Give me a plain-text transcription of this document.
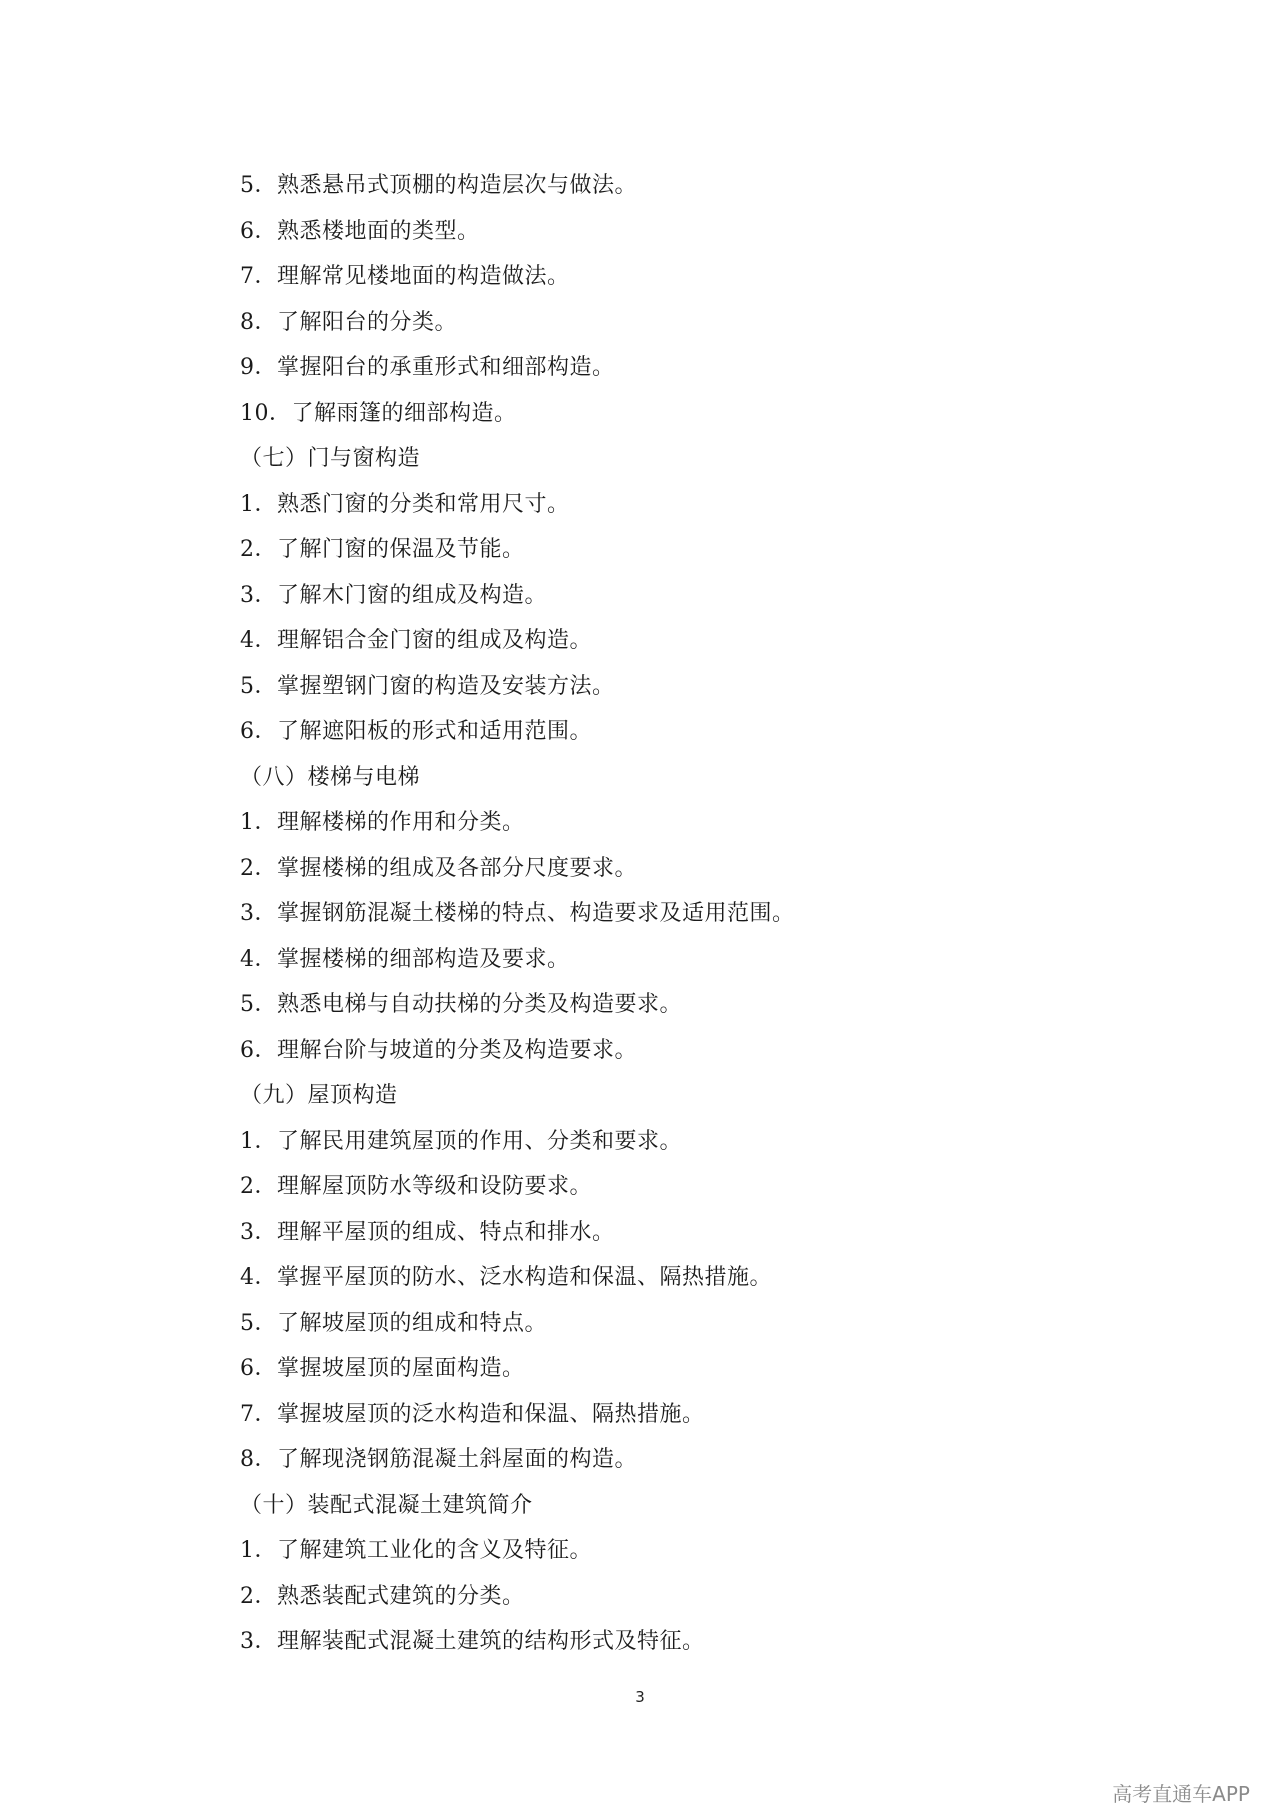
5．熟悉悬吊式顶棚的构造层次与做法。
6．熟悉楼地面的类型。
7．理解常见楼地面的构造做法。
8．了解阳台的分类。
9．掌握阳台的承重形式和细部构造。
10．了解雨篷的细部构造。
（七）门与窗构造
1．熟悉门窗的分类和常用尺寸。
2．了解门窗的保温及节能。
3．了解木门窗的组成及构造。
4．理解铝合金门窗的组成及构造。
5．掌握塑钢门窗的构造及安装方法。
6．了解遮阳板的形式和适用范围。
（八）楼梯与电梯
1．理解楼梯的作用和分类。
2．掌握楼梯的组成及各部分尺度要求。
3．掌握钢筋混凝土楼梯的特点、构造要求及适用范围。
4．掌握楼梯的细部构造及要求。
5．熟悉电梯与自动扶梯的分类及构造要求。
6．理解台阶与坡道的分类及构造要求。
（九）屋顶构造
1．了解民用建筑屋顶的作用、分类和要求。
2．理解屋顶防水等级和设防要求。
3．理解平屋顶的组成、特点和排水。
4．掌握平屋顶的防水、泛水构造和保温、隔热措施。
5．了解坡屋顶的组成和特点。
6．掌握坡屋顶的屋面构造。
7．掌握坡屋顶的泛水构造和保温、隔热措施。
8．了解现浇钢筋混凝土斜屋面的构造。
（十）装配式混凝土建筑简介
1．了解建筑工业化的含义及特征。
2．熟悉装配式建筑的分类。
3．理解装配式混凝土建筑的结构形式及特征。
3
高考直通车APP
